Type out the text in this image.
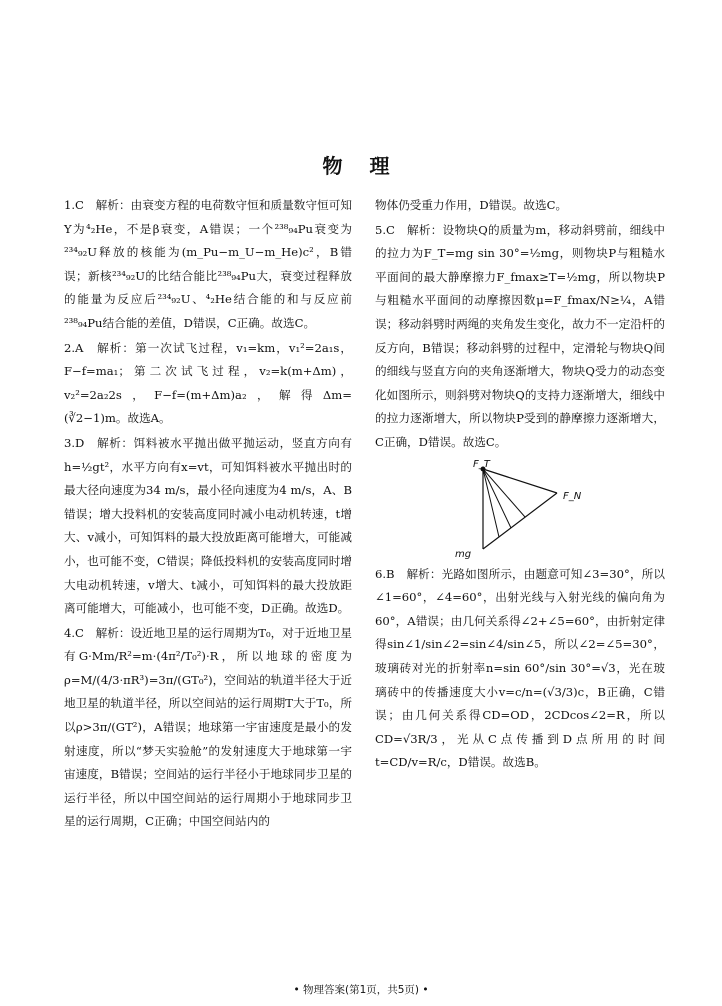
物 理

1.C　解析：由衰变方程的电荷数守恒和质量数守恒可知Y为⁴₂He，不是β衰变，A错误；一个²³⁸₉₄Pu衰变为²³⁴₉₂U释放的核能为(m_Pu−m_U−m_He)c²，B错误；新核²³⁴₉₂U的比结合能比²³⁸₉₄Pu大，衰变过程释放的能量为反应后²³⁴₉₂U、⁴₂He结合能的和与反应前²³⁸₉₄Pu结合能的差值，D错误，C正确。故选C。

2.A　解析：第一次试飞过程，v₁=km，v₁²=2a₁s，F−f=ma₁；第二次试飞过程，v₂=k(m+Δm)，v₂²=2a₂2s，F−f=(m+Δm)a₂，解得Δm=(∛2−1)m。故选A。

3.D　解析：饵料被水平抛出做平抛运动，竖直方向有h=½gt²，水平方向有x=vt，可知饵料被水平抛出时的最大径向速度为34 m/s，最小径向速度为4 m/s，A、B错误；增大投料机的安装高度同时减小电动机转速，t增大、v减小，可知饵料的最大投放距离可能增大，可能减小，也可能不变，C错误；降低投料机的安装高度同时增大电动机转速，v增大、t减小，可知饵料的最大投放距离可能增大，可能减小，也可能不变，D正确。故选D。

4.C　解析：设近地卫星的运行周期为T₀，对于近地卫星有G·Mm/R²=m·(4π²/T₀²)·R，所以地球的密度为ρ=M/(4/3·πR³)=3π/(GT₀²)，空间站的轨道半径大于近地卫星的轨道半径，所以空间站的运行周期T大于T₀，所以ρ>3π/(GT²)，A错误；地球第一宇宙速度是最小的发射速度，所以“梦天实验舱”的发射速度大于地球第一宇宙速度，B错误；空间站的运行半径小于地球同步卫星的运行半径，所以中国空间站的运行周期小于地球同步卫星的运行周期，C正确；中国空间站内的

物体仍受重力作用，D错误。故选C。

5.C　解析：设物块Q的质量为m，移动斜劈前，细线中的拉力为F_T=mg sin 30°=½mg，则物块P与粗糙水平面间的最大静摩擦力F_fmax≥T=½mg，所以物块P与粗糙水平面间的动摩擦因数μ=F_fmax/N≥¼，A错误；移动斜劈时两绳的夹角发生变化，故力不一定沿杆的反方向，B错误；移动斜劈的过程中，定滑轮与物块Q间的细线与竖直方向的夹角逐渐增大，物块Q受力的动态变化如图所示，则斜劈对物块Q的支持力逐渐增大，细线中的拉力逐渐增大，所以物块P受到的静摩擦力逐渐增大，C正确，D错误。故选C。

F_T
F_N
mg

6.B　解析：光路如图所示，由题意可知∠3=30°，所以∠1=60°，∠4=60°，出射光线与入射光线的偏向角为60°，A错误；由几何关系得∠2+∠5=60°，由折射定律得sin∠1/sin∠2=sin∠4/sin∠5，所以∠2=∠5=30°，玻璃砖对光的折射率n=sin 60°/sin 30°=√3，光在玻璃砖中的传播速度大小v=c/n=(√3/3)c，B正确，C错误；由几何关系得CD=OD，2CDcos∠2=R，所以CD=√3R/3，光从C点传播到D点所用的时间t=CD/v=R/c，D错误。故选B。

• 物理答案(第1页，共5页) •
